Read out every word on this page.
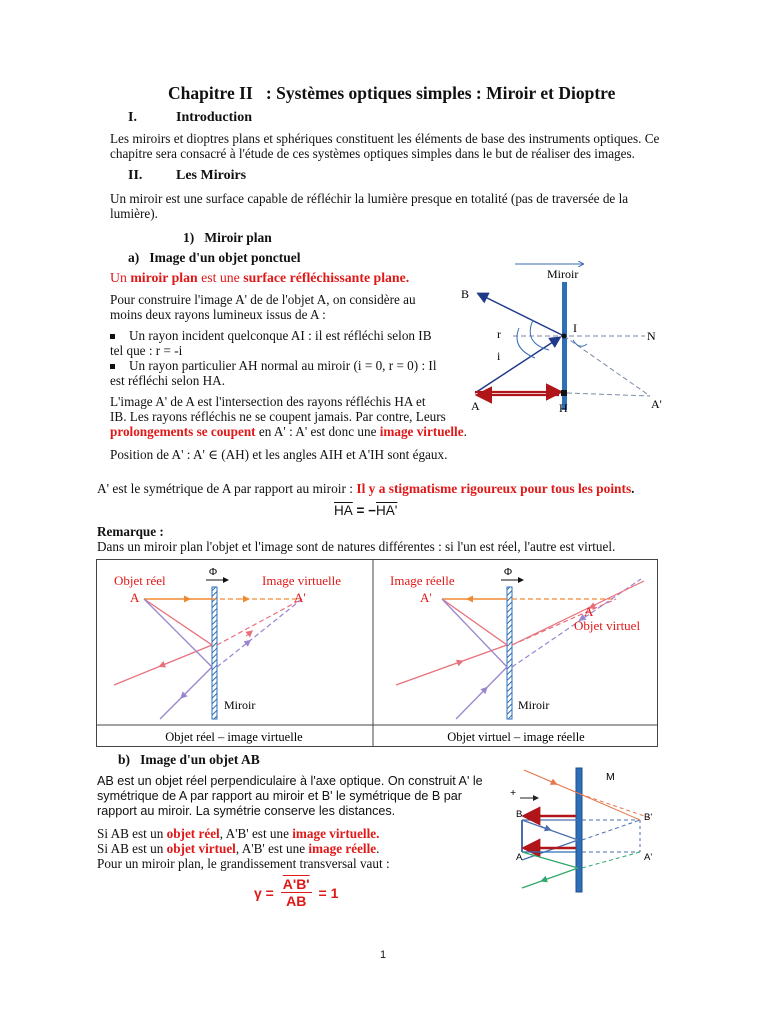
Chapitre II   : Systèmes optiques simples : Miroir et Dioptre
I.	Introduction
Les miroirs et dioptres plans et sphériques constituent les éléments de base des instruments optiques. Ce
chapitre sera consacré à l'étude de ces systèmes optiques simples dans le but de réaliser des images.
II. Les Miroirs
Un miroir est une surface capable de réfléchir la lumière presque en totalité (pas de traversée de la
lumière).
1)   Miroir plan
a)   Image d'un objet ponctuel
Un miroir plan est une surface réfléchissante plane.
Pour construire l'image A' de de l'objet A, on considère au
moins deux rayons lumineux issus de A :
Un rayon incident quelconque AI : il est réfléchi selon IB
tel que : r = -i
Un rayon particulier AH normal au miroir (i = 0, r = 0) : Il
est réfléchi selon HA.
L'image A' de A est l'intersection des rayons réfléchis HA et
IB. Les rayons réfléchis ne se coupent jamais. Par contre, Leurs
prolongements se coupent en A' : A' est donc une image virtuelle.
Position de A' : A' ∈ (AH) et les angles AIH et A'IH sont égaux.
A' est le symétrique de A par rapport au miroir : Il y a stigmatisme rigoureux pour tous les points.
$\overline{HA} = -HA'$
Miroir
B
I
N
r
i
A	H	A'
Remarque :
Dans un miroir plan l'objet et l'image sont de natures différentes : si l'un est réel, l'autre est virtuel.
Φ
Objet réel
A
Image virtuelle
A'
Miroir
Objet réel – image virtuelle
Φ
Image réelle
A'
A
Objet virtuel
Miroir
Objet virtuel – image réelle
b)   Image d'un objet AB
AB est un objet réel perpendiculaire à l'axe optique. On construit A' le
symétrique de A par rapport au miroir et B' le symétrique de B par
rapport au miroir. La symétrie conserve les distances.
Si AB est un objet réel, A'B' est une image virtuelle.
Si AB est un objet virtuel, A'B' est une image réelle.
Pour un miroir plan, le grandissement transversal vaut :
$\gamma = \frac{A'B'}{AB} = 1$
M
+
B
A
B'
A'
1
